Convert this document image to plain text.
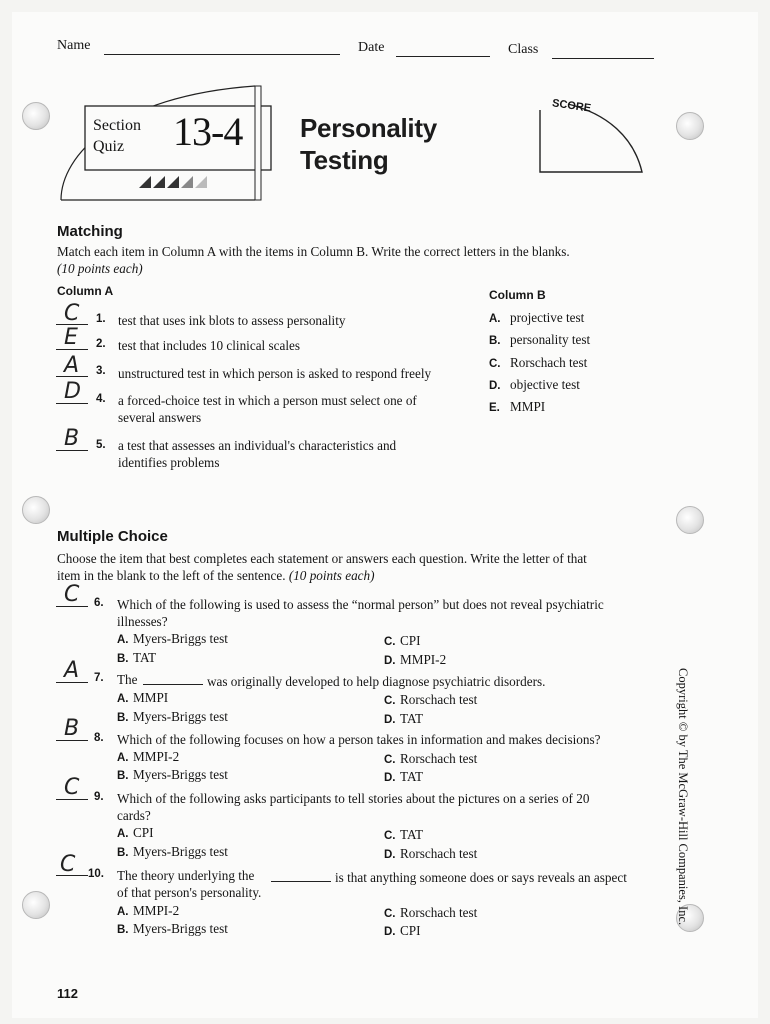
Name	Date	Class
Section
Quiz 13-4 Personality
Testing
SCORE
Matching
Match each item in Column A with the items in Column B. Write the correct letters in the blanks.
(10 points each)
Column A	Column B
C 1. test that uses ink blots to assess personality
E 2. test that includes 10 clinical scales
A 3. unstructured test in which person is asked to respond freely
D 4. a forced-choice test in which a person must select one of
several answers
B 5. a test that assesses an individual's characteristics and
identifies problems
A. projective test
B. personality test
C. Rorschach test
D. objective test
E. MMPI
Multiple Choice
Choose the item that best completes each statement or answers each question. Write the letter of that
item in the blank to the left of the sentence. (10 points each)
C 6. Which of the following is used to assess the “normal person” but does not reveal psychiatric
illnesses?
A. Myers-Briggs test	C. CPI
B. TAT	D. MMPI-2
A 7. The	was originally developed to help diagnose psychiatric disorders.
A. MMPI	C. Rorschach test
B. Myers-Briggs test	D. TAT
B 8. Which of the following focuses on how a person takes in information and makes decisions?
A. MMPI-2	C. Rorschach test
B. Myers-Briggs test	D. TAT
C 9. Which of the following asks participants to tell stories about the pictures on a series of 20
cards?
A. CPI	C. TAT
B. Myers-Briggs test	D. Rorschach test
C 10. The theory underlying the	is that anything someone does or says reveals an aspect
of that person's personality.
A. MMPI-2	C. Rorschach test
B. Myers-Briggs test	D. CPI
Copyright © by The McGraw-Hill Companies, Inc.
112
